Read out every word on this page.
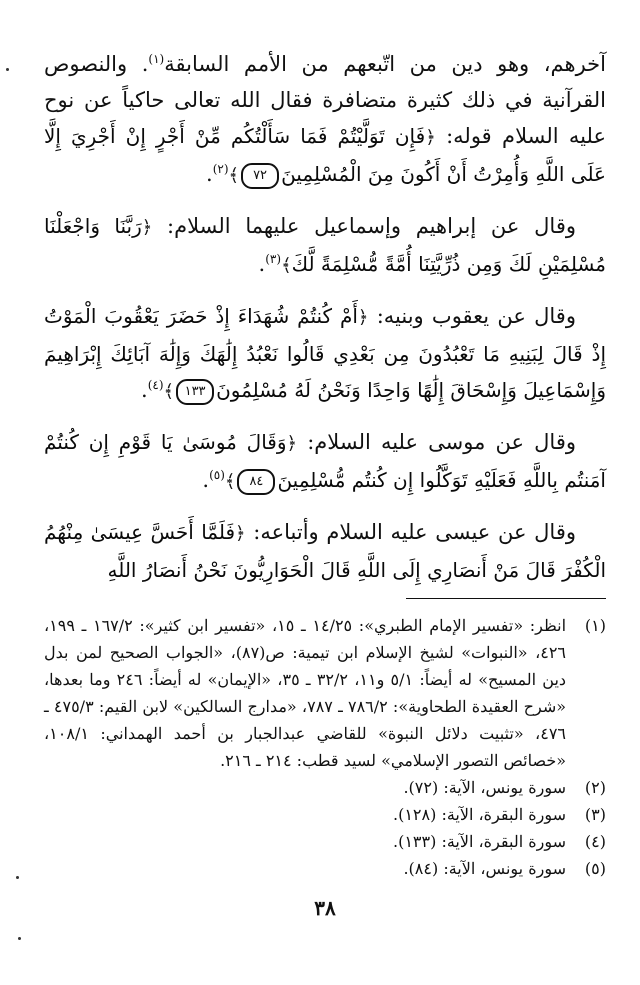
آخرهم، وهو دين من اتّبعهم من الأمم السابقة$^{(١)}$. والنصوص القرآنية في ذلك كثيرة متضافرة فقال الله تعالى حاكياً عن نوح عليه السلام قوله: ﴿فَإِن تَوَلَّيْتُمْ فَمَا سَأَلْتُكُم مِّنْ أَجْرٍ إِنْ أَجْرِيَ إِلَّا عَلَى اللَّهِ وَأُمِرْتُ أَنْ أَكُونَ مِنَ الْمُسْلِمِينَ٧٢﴾$^{(٢)}$.

وقال عن إبراهيم وإسماعيل عليهما السلام: ﴿رَبَّنَا وَاجْعَلْنَا مُسْلِمَيْنِ لَكَ وَمِن ذُرِّيَّتِنَا أُمَّةً مُّسْلِمَةً لَّكَ﴾$^{(٣)}$.

وقال عن يعقوب وبنيه: ﴿أَمْ كُنتُمْ شُهَدَاءَ إِذْ حَضَرَ يَعْقُوبَ الْمَوْتُ إِذْ قَالَ لِبَنِيهِ مَا تَعْبُدُونَ مِن بَعْدِي قَالُوا نَعْبُدُ إِلَٰهَكَ وَإِلَٰهَ آبَائِكَ إِبْرَاهِيمَ وَإِسْمَاعِيلَ وَإِسْحَاقَ إِلَٰهًا وَاحِدًا وَنَحْنُ لَهُ مُسْلِمُونَ١٣٣﴾$^{(٤)}$.

وقال عن موسى عليه السلام: ﴿وَقَالَ مُوسَىٰ يَا قَوْمِ إِن كُنتُمْ آمَنتُم بِاللَّهِ فَعَلَيْهِ تَوَكَّلُوا إِن كُنتُم مُّسْلِمِينَ٨٤﴾$^{(٥)}$.

وقال عن عيسى عليه السلام وأتباعه: ﴿فَلَمَّا أَحَسَّ عِيسَىٰ مِنْهُمُ الْكُفْرَ قَالَ مَنْ أَنصَارِي إِلَى اللَّهِ قَالَ الْحَوَارِيُّونَ نَحْنُ أَنصَارُ اللَّهِ

(١)
انظر: «تفسير الإمام الطبري»: ١٤/٢٥ ـ ١٥، «تفسير ابن كثير»: ١٦٧/٢ ـ ١٩٩، ٤٢٦، «النبوات» لشيخ الإسلام ابن تيمية: ص(٨٧)، «الجواب الصحيح لمن بدل دين المسيح» له أيضاً: ٥/١ و١١، ٣٢/٢ ـ ٣٥، «الإيمان» له أيضاً: ٢٤٦ وما بعدها، «شرح العقيدة الطحاوية»: ٧٨٦/٢ ـ ٧٨٧، «مدارج السالكين» لابن القيم: ٤٧٥/٣ ـ ٤٧٦، «تثبيت دلائل النبوة» للقاضي عبدالجبار بن أحمد الهمداني: ١٠٨/١، «خصائص التصور الإسلامي» لسيد قطب: ٢١٤ ـ ٢١٦.

(٢)
سورة يونس، الآية: (٧٢).

(٣)
سورة البقرة، الآية: (١٢٨).

(٤)
سورة البقرة، الآية: (١٣٣).

(٥)
سورة يونس، الآية: (٨٤).

٣٨
